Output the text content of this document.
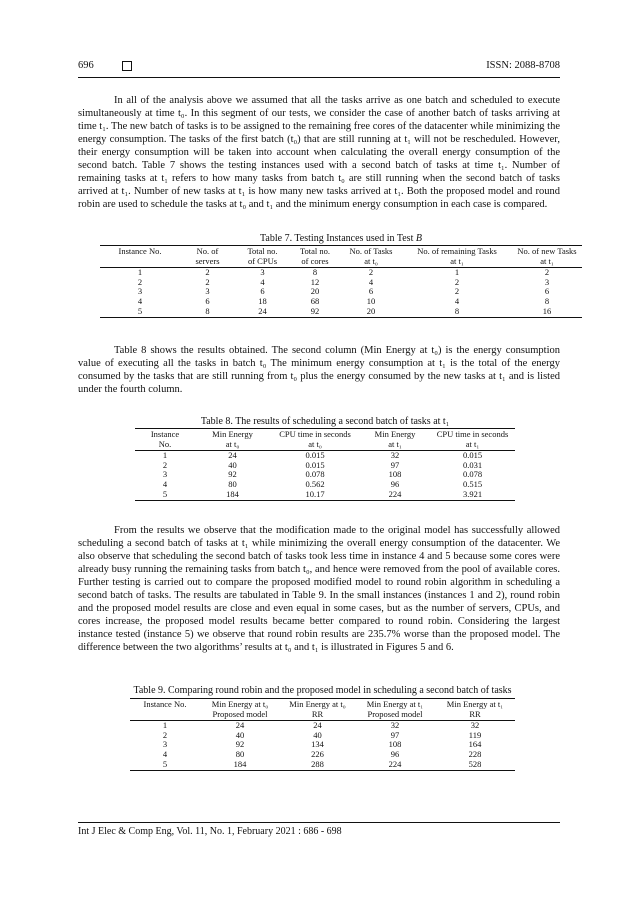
696	ISSN: 2088-8708

In all of the analysis above we assumed that all the tasks arrive as one batch and scheduled to execute simultaneously at time t₀. In this segment of our tests, we consider the case of another batch of tasks arriving at time t₁. The new batch of tasks is to be assigned to the remaining free cores of the datacenter while minimizing the energy consumption. The tasks of the first batch (t₀) that are still running at t₁ will not be rescheduled. However, their energy consumption will be taken into account when calculating the overall energy consumption of the second batch. Table 7 shows the testing instances used with a second batch of tasks at time t₁. Number of remaining tasks at t₁ refers to how many tasks from batch t₀ are still running when the second batch of tasks arrived at t₁. Number of new tasks at t₁ is how many new tasks arrived at t₁. Both the proposed model and round robin are used to schedule the tasks at t₀ and t₁ and the minimum energy consumption in each case is compared.

Table 7. Testing Instances used in Test B
Instance No.	No. of	Total no.	Total no.	No. of Tasks	No. of remaining Tasks	No. of new Tasks
	servers	of CPUs	of cores	at t₀	at t₁	at t₁
1	2	3	8	2	1	2
2	2	4	12	4	2	3
3	3	6	20	6	2	6
4	6	18	68	10	4	8
5	8	24	92	20	8	16

Table 8 shows the results obtained. The second column (Min Energy at t₀) is the energy consumption value of executing all the tasks in batch t₀ The minimum energy consumption at t₁ is the total of the energy consumed by the tasks that are still running from t₀ plus the energy consumed by the new tasks at t₁ and is listed under the fourth column.

Table 8. The results of scheduling a second batch of tasks at t₁
Instance	Min Energy	CPU time in seconds	Min Energy	CPU time in seconds
No.	at t₀	at t₀	at t₁	at t₁
1	24	0.015	32	0.015
2	40	0.015	97	0.031
3	92	0.078	108	0.078
4	80	0.562	96	0.515
5	184	10.17	224	3.921

From the results we observe that the modification made to the original model has successfully allowed scheduling a second batch of tasks at t₁ while minimizing the overall energy consumption of the datacenter. We also observe that scheduling the second batch of tasks took less time in instance 4 and 5 because some cores were already busy running the remaining tasks from batch t₀, and hence were removed from the pool of available cores. Further testing is carried out to compare the proposed modified model to round robin algorithm in scheduling a second batch of tasks. The results are tabulated in Table 9. In the small instances (instances 1 and 2), round robin and the proposed model results are close and even equal in some cases, but as the number of servers, CPUs, and cores increase, the proposed model results became better compared to round robin. Considering the largest instance tested (instance 5) we observe that round robin results are 235.7% worse than the proposed model. The difference between the two algorithms’ results at t₀ and t₁ is illustrated in Figures 5 and 6.

Table 9. Comparing round robin and the proposed model in scheduling a second batch of tasks
Instance No.	Min Energy at t₀	Min Energy at t₀	Min Energy at t₁	Min Energy at t₁
	Proposed model	RR	Proposed model	RR
1	24	24	32	32
2	40	40	97	119
3	92	134	108	164
4	80	226	96	228
5	184	288	224	528
Int J Elec & Comp Eng, Vol. 11, No. 1, February 2021 : 686 - 698
